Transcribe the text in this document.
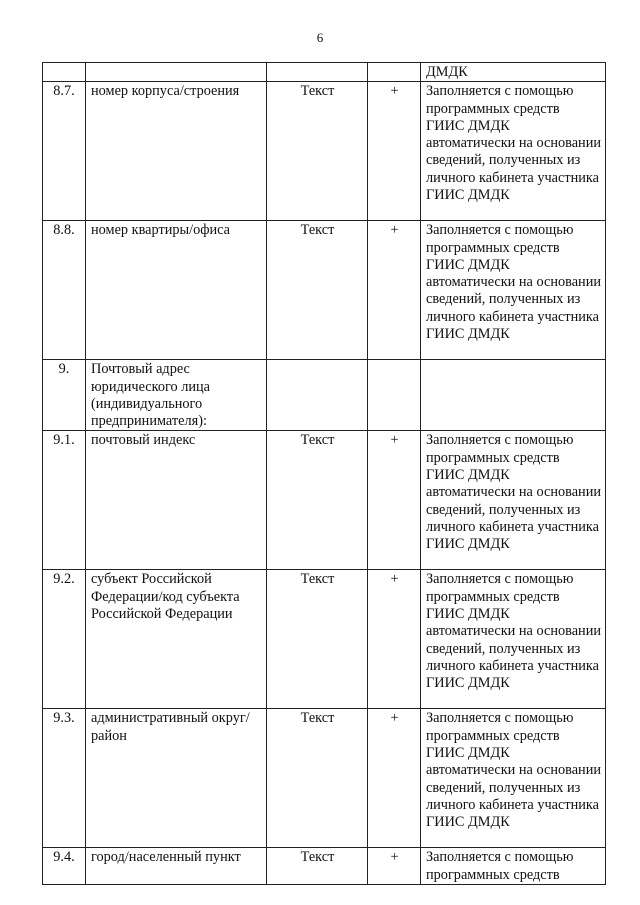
6
				ДМДК
8.7.	номер корпуса/строения	Текст	+	Заполняется с помощью программных средств ГИИС ДМДК автоматически на основании сведений, полученных из личного кабинета участника ГИИС ДМДК
8.8.	номер квартиры/офиса	Текст	+	Заполняется с помощью программных средств ГИИС ДМДК автоматически на основании сведений, полученных из личного кабинета участника ГИИС ДМДК
9.	Почтовый адрес юридического лица (индивидуального предпринимателя):			
9.1.	почтовый индекс	Текст	+	Заполняется с помощью программных средств ГИИС ДМДК автоматически на основании сведений, полученных из личного кабинета участника ГИИС ДМДК
9.2.	субъект Российской Федерации/код субъекта Российской Федерации	Текст	+	Заполняется с помощью программных средств ГИИС ДМДК автоматически на основании сведений, полученных из личного кабинета участника ГИИС ДМДК
9.3.	административный округ/ район	Текст	+	Заполняется с помощью программных средств ГИИС ДМДК автоматически на основании сведений, полученных из личного кабинета участника ГИИС ДМДК
9.4.	город/населенный пункт	Текст	+	Заполняется с помощью программных средств
